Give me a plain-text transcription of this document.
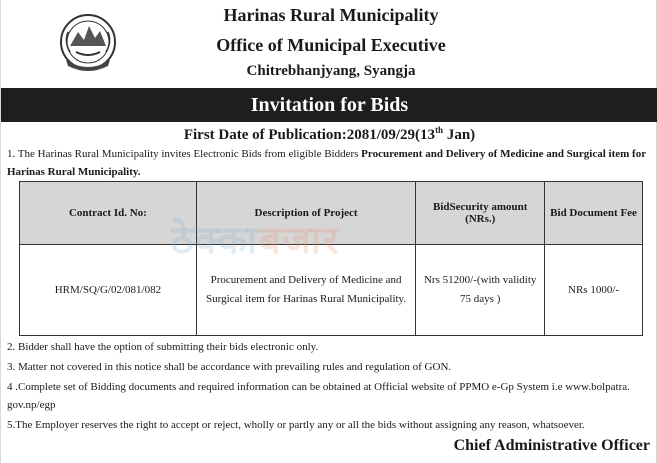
Harinas Rural Municipality
Office of Municipal Executive
Chitrebhanjyang, Syangja
Invitation for Bids
First Date of Publication:2081/09/29(13th Jan)
1. The Harinas Rural Municipality invites Electronic Bids from eligible Bidders Procurement and Delivery of Medicine and Surgical item for Harinas Rural Municipality.
Contract Id. No:	Description of Project	BidSecurity amount (NRs.)	Bid Document Fee
HRM/SQ/G/02/081/082	Procurement and Delivery of Medicine and Surgical item for Harinas Rural Municipality.	Nrs 51200/-(with validity 75 days )	NRs 1000/-
ठेक्काबजार
2. Bidder shall have the option of submitting their bids electronic only.
3. Matter not covered in this notice shall be accordance with prevailing rules and regulation of GON.
4 .Complete set of Bidding documents and required information can be obtained at Official website of PPMO e-Gp System i.e www.bolpatra. gov.np/egp
5.The Employer reserves the right to accept or reject, wholly or partly any or all the bids without assigning any reason, whatsoever.
Chief Administrative Officer
